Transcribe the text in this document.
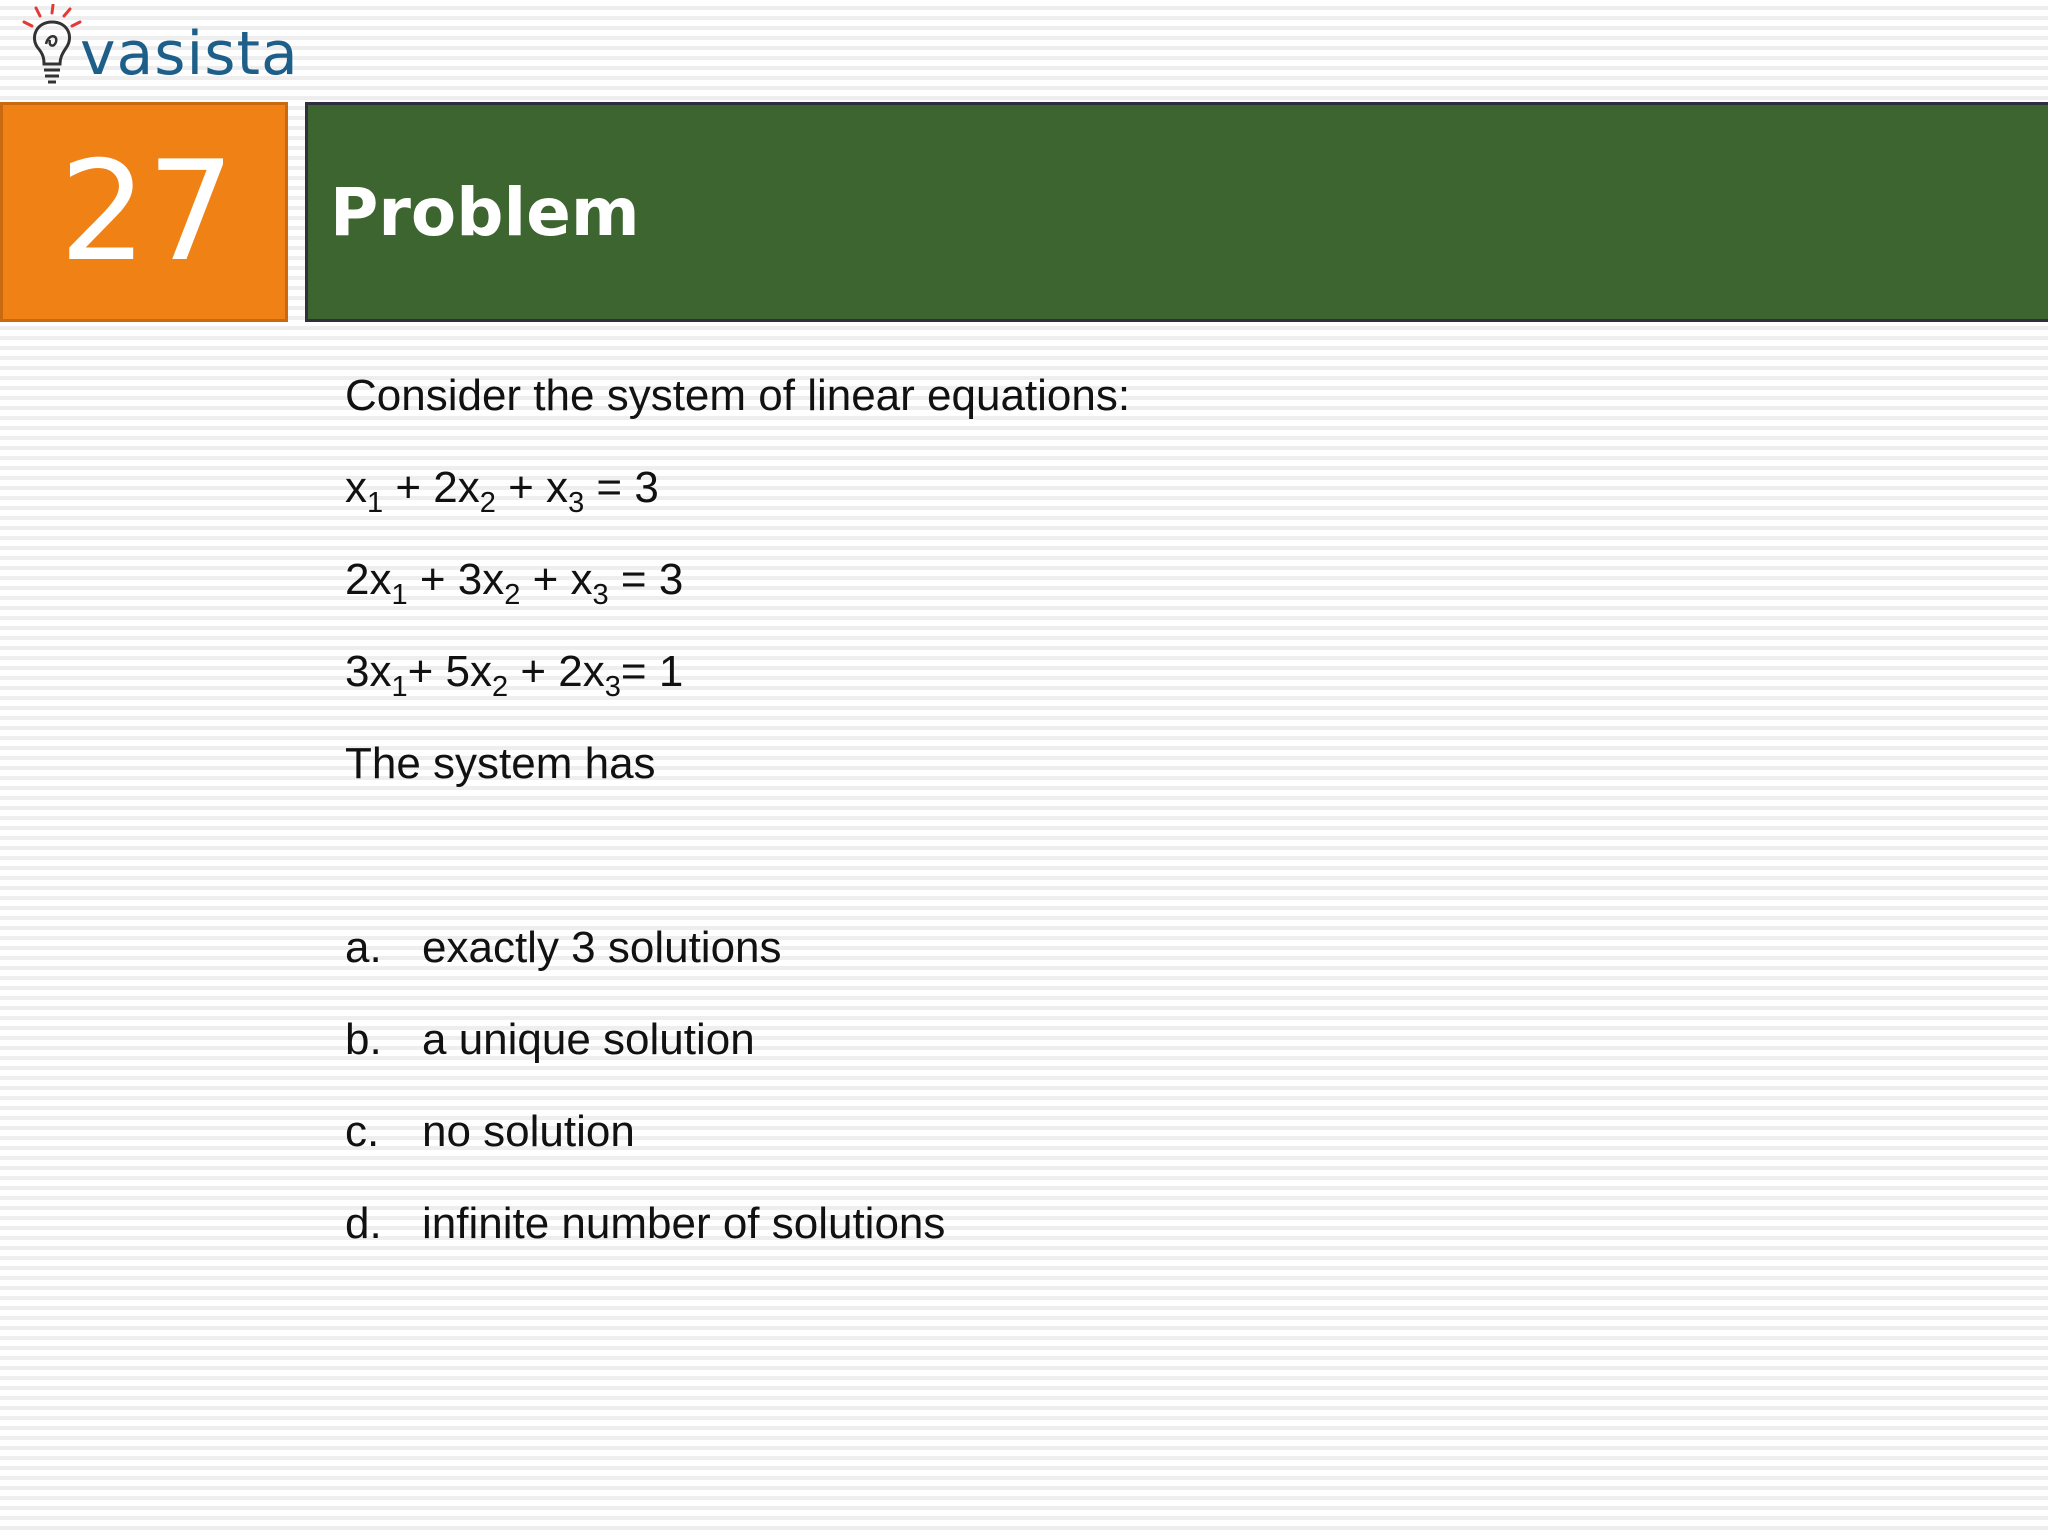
vasista
27 Problem
Consider the system of linear equations:
$x_1 + 2x_2 + x_3 = 3$
$2x_1 + 3x_2 + x_3 = 3$
$3x_1+ 5x_2 + 2x_3= 1$
The system has
a. exactly 3 solutions
b. a unique solution
c. no solution
d. infinite number of solutions
